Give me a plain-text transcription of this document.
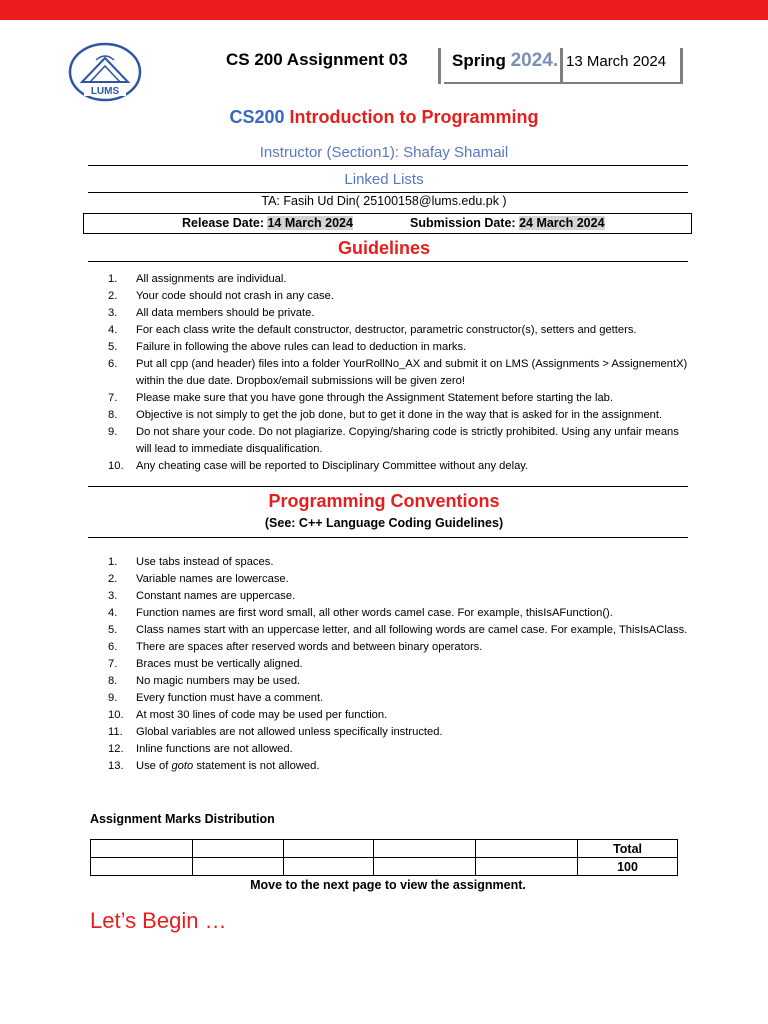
LUMS
CS 200 Assignment 03	Spring 2024. 13 March 2024
CS200 Introduction to Programming
Instructor (Section1): Shafay Shamail
Linked Lists
TA: Fasih Ud Din( 25100158@lums.edu.pk )
Release Date: 14 March 2024	Submission Date: 24 March 2024
Guidelines
1.	All assignments are individual.
2.	Your code should not crash in any case.
3.	All data members should be private.
4.	For each class write the default constructor, destructor, parametric constructor(s), setters and getters.
5.	Failure in following the above rules can lead to deduction in marks.
6.	Put all cpp (and header) files into a folder YourRollNo_AX and submit it on LMS (Assignments > AssignementX) within the due date. Dropbox/email submissions will be given zero!
7.	Please make sure that you have gone through the Assignment Statement before starting the lab.
8.	Objective is not simply to get the job done, but to get it done in the way that is asked for in the assignment.
9.	Do not share your code. Do not plagiarize. Copying/sharing code is strictly prohibited. Using any unfair means will lead to immediate disqualification.
10.	Any cheating case will be reported to Disciplinary Committee without any delay.
Programming Conventions
(See: C++ Language Coding Guidelines)
1.	Use tabs instead of spaces.
2.	Variable names are lowercase.
3.	Constant names are uppercase.
4.	Function names are first word small, all other words camel case. For example, thisIsAFunction().
5.	Class names start with an uppercase letter, and all following words are camel case. For example, ThisIsAClass.
6.	There are spaces after reserved words and between binary operators.
7.	Braces must be vertically aligned.
8.	No magic numbers may be used.
9.	Every function must have a comment.
10.	At most 30 lines of code may be used per function.
11.	Global variables are not allowed unless specifically instructed.
12.	Inline functions are not allowed.
13.	Use of goto statement is not allowed.
Assignment Marks Distribution
					Total
					100
Move to the next page to view the assignment.
Let’s Begin …
